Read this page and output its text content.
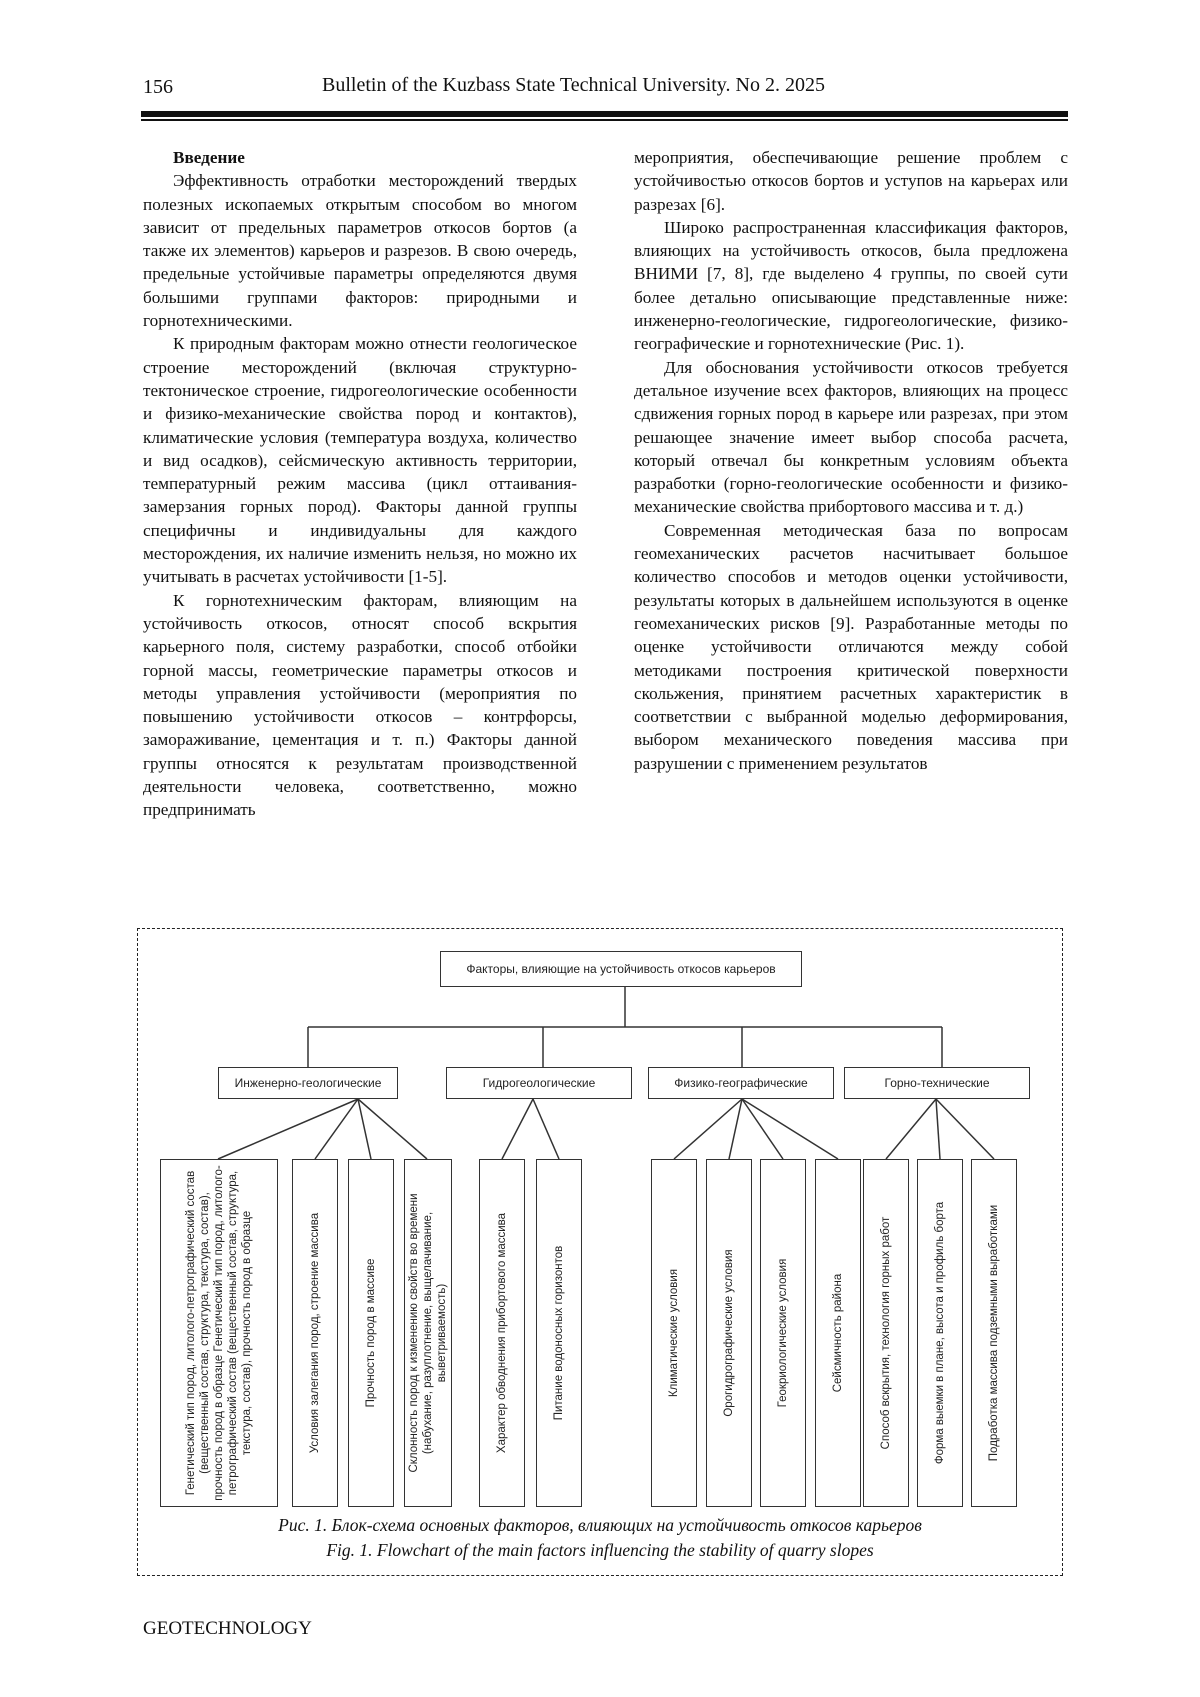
156	Bulletin of the Kuzbass State Technical University. No 2. 2025

Введение

Эффективность отработки месторождений твердых полезных ископаемых открытым способом во многом зависит от предельных параметров откосов бортов (а также их элементов) карьеров и разрезов. В свою очередь, предельные устойчивые параметры определяются двумя большими группами факторов: природными и горнотехническими.

К природным факторам можно отнести геологическое строение месторождений (включая структурно-тектоническое строение, гидрогеологические особенности и физико-механические свойства пород и контактов), климатические условия (температура воздуха, количество и вид осадков), сейсмическую активность территории, температурный режим массива (цикл оттаивания-замерзания горных пород). Факторы данной группы специфичны и индивидуальны для каждого месторождения, их наличие изменить нельзя, но можно их учитывать в расчетах устойчивости [1-5].

К горнотехническим факторам, влияющим на устойчивость откосов, относят способ вскрытия карьерного поля, систему разработки, способ отбойки горной массы, геометрические параметры откосов и методы управления устойчивости (мероприятия по повышению устойчивости откосов – контрфорсы, замораживание, цементация и т. п.) Факторы данной группы относятся к результатам производственной деятельности человека, соответственно, можно предпринимать

мероприятия, обеспечивающие решение проблем с устойчивостью откосов бортов и уступов на карьерах или разрезах [6].

Широко распространенная классификация факторов, влияющих на устойчивость откосов, была предложена ВНИМИ [7, 8], где выделено 4 группы, по своей сути более детально описывающие представленные ниже: инженерно-геологические, гидрогеологические, физико-географические и горнотехнические (Рис. 1).

Для обоснования устойчивости откосов требуется детальное изучение всех факторов, влияющих на процесс сдвижения горных пород в карьере или разрезах, при этом решающее значение имеет выбор способа расчета, который отвечал бы конкретным условиям объекта разработки (горно-геологические особенности и физико-механические свойства прибортового массива и т. д.)

Современная методическая база по вопросам геомеханических расчетов насчитывает большое количество способов и методов оценки устойчивости, результаты которых в дальнейшем используются в оценке геомеханических рисков [9]. Разработанные методы по оценке устойчивости отличаются между собой методиками построения критической поверхности скольжения, принятием расчетных характеристик в соответствии с выбранной моделью деформирования, выбором механического поведения массива при разрушении с применением результатов

Факторы, влияющие на устойчивость откосов карьеров
Инженерно-геологические	Гидрогеологические	Физико-географические	Горно-технические
Генетический тип пород, литолого-петрографический состав (вещественный состав, структура, текстура, состав), прочность пород в образце Генетический тип пород, литолого-петрографический состав (вещественный состав, структура, текстура, состав), прочность пород в образце	Условия залегания пород, строение массива	Прочность пород в массиве	Склонность пород к изменению свойств во времени (набухание, разуплотнение, выщелачивание, выветриваемость)	Характер обводнения прибортового массива	Питание водоносных горизонтов	Климатические условия	Орогидрографические условия	Геокриологические условия	Сейсмичность района	Способ вскрытия, технология горных работ	Форма выемки в плане, высота и профиль борта	Подработка массива подземными выработками
Рис. 1. Блок-схема основных факторов, влияющих на устойчивость откосов карьеров
Fig. 1. Flowchart of the main factors influencing the stability of quarry slopes
GEOTECHNOLOGY
